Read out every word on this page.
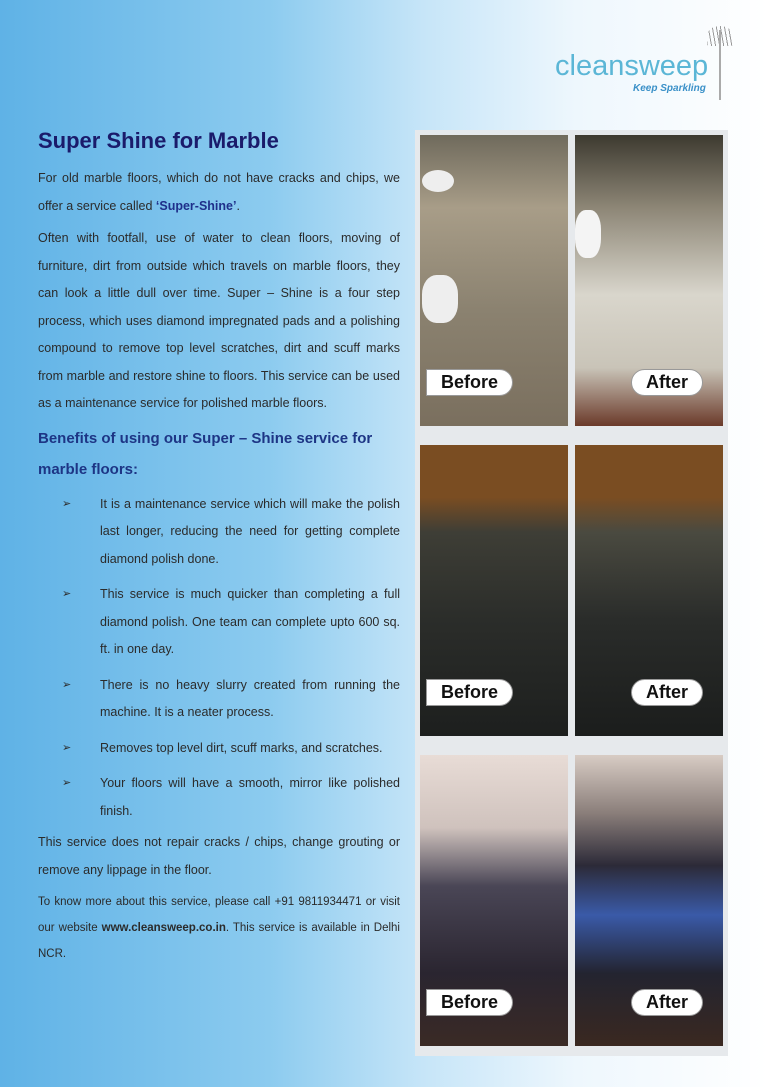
cleansweep
Keep Sparkling
Super Shine for Marble

For old marble floors, which do not have cracks and chips, we offer a service called ‘Super-Shine’.

Often with footfall, use of water to clean floors, moving of furniture, dirt from outside which travels on marble floors, they can look a little dull over time. Super – Shine is a four step process, which uses diamond impregnated pads and a polishing compound to remove top level scratches, dirt and scuff marks from marble and restore shine to floors. This service can be used as a maintenance service for polished marble floors.

Benefits of using our Super – Shine service for marble floors:
➢ It is a maintenance service which will make the polish last longer, reducing the need for getting complete diamond polish done.
➢ This service is much quicker than completing a full diamond polish. One team can complete upto 600 sq. ft. in one day.
➢ There is no heavy slurry created from running the machine. It is a neater process.
➢ Removes top level dirt, scuff marks, and scratches.
➢ Your floors will have a smooth, mirror like polished finish.

This service does not repair cracks / chips, change grouting or remove any lippage in the floor.

To know more about this service, please call +91 9811934471 or visit our website www.cleansweep.co.in. This service is available in Delhi NCR.

Before	After
Before	After
Before	After
